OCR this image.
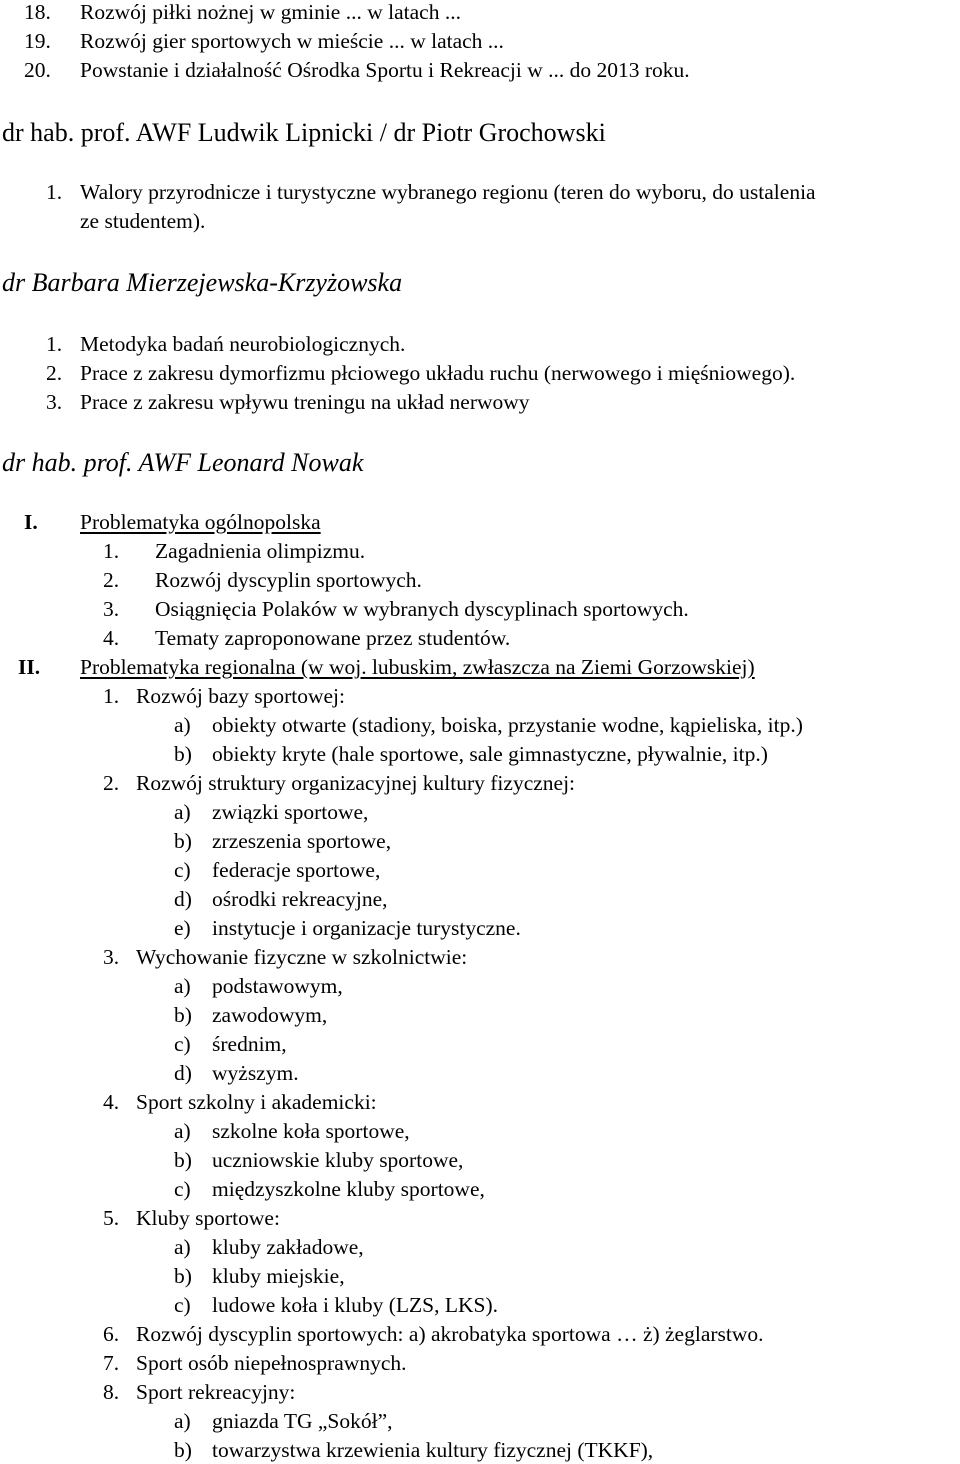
18. Rozwój piłki nożnej w gminie ... w latach ...
19. Rozwój gier sportowych w mieście ... w latach ...
20. Powstanie i działalność Ośrodka Sportu i Rekreacji w ... do 2013 roku.
dr hab. prof. AWF Ludwik Lipnicki / dr Piotr Grochowski
1. Walory przyrodnicze i turystyczne wybranego regionu (teren do wyboru, do ustalenia
ze studentem).
dr Barbara Mierzejewska-Krzyżowska
1. Metodyka badań neurobiologicznych.
2. Prace z zakresu dymorfizmu płciowego układu ruchu (nerwowego i mięśniowego).
3. Prace z zakresu wpływu treningu na układ nerwowy
dr hab. prof. AWF Leonard Nowak
I. Problematyka ogólnopolska
1. Zagadnienia olimpizmu.
2. Rozwój dyscyplin sportowych.
3. Osiągnięcia Polaków w wybranych dyscyplinach sportowych.
4. Tematy zaproponowane przez studentów.
II. Problematyka regionalna (w woj. lubuskim, zwłaszcza na Ziemi Gorzowskiej)
1. Rozwój bazy sportowej:
a) obiekty otwarte (stadiony, boiska, przystanie wodne, kąpieliska, itp.)
b) obiekty kryte (hale sportowe, sale gimnastyczne, pływalnie, itp.)
2. Rozwój struktury organizacyjnej kultury fizycznej:
a) związki sportowe,
b) zrzeszenia sportowe,
c) federacje sportowe,
d) ośrodki rekreacyjne,
e) instytucje i organizacje turystyczne.
3. Wychowanie fizyczne w szkolnictwie:
a) podstawowym,
b) zawodowym,
c) średnim,
d) wyższym.
4. Sport szkolny i akademicki:
a) szkolne koła sportowe,
b) uczniowskie kluby sportowe,
c) międzyszkolne kluby sportowe,
5. Kluby sportowe:
a) kluby zakładowe,
b) kluby miejskie,
c) ludowe koła i kluby (LZS, LKS).
6. Rozwój dyscyplin sportowych: a) akrobatyka sportowa … ż) żeglarstwo.
7. Sport osób niepełnosprawnych.
8. Sport rekreacyjny:
a) gniazda TG „Sokół”,
b) towarzystwa krzewienia kultury fizycznej (TKKF),
